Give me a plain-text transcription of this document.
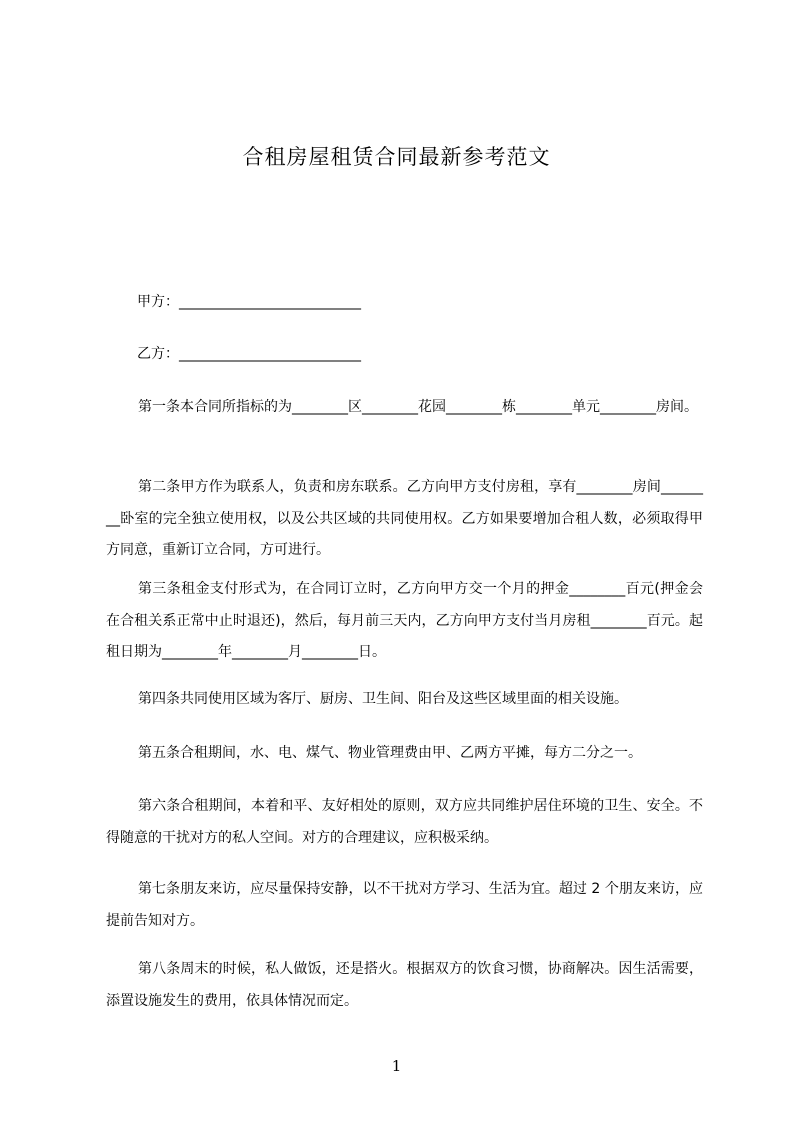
合租房屋租赁合同最新参考范文
甲方：__________________________
乙方：__________________________
第一条本合同所指标的为________区________花园________栋________单元________房间。
第二条甲方作为联系人，负责和房东联系。乙方向甲方支付房租，享有________房间________卧室的完全独立使用权，以及公共区域的共同使用权。乙方如果要增加合租人数，必须取得甲方同意，重新订立合同，方可进行。
第三条租金支付形式为，在合同订立时，乙方向甲方交一个月的押金________百元(押金会在合租关系正常中止时退还)，然后，每月前三天内，乙方向甲方支付当月房租________百元。起租日期为________年________月________日。
第四条共同使用区域为客厅、厨房、卫生间、阳台及这些区域里面的相关设施。
第五条合租期间，水、电、煤气、物业管理费由甲、乙两方平摊，每方二分之一。
第六条合租期间，本着和平、友好相处的原则，双方应共同维护居住环境的卫生、安全。不得随意的干扰对方的私人空间。对方的合理建议，应积极采纳。
第七条朋友来访，应尽量保持安静，以不干扰对方学习、生活为宜。超过 2 个朋友来访，应提前告知对方。
第八条周末的时候，私人做饭，还是搭火。根据双方的饮食习惯，协商解决。因生活需要，添置设施发生的费用，依具体情况而定。
1
